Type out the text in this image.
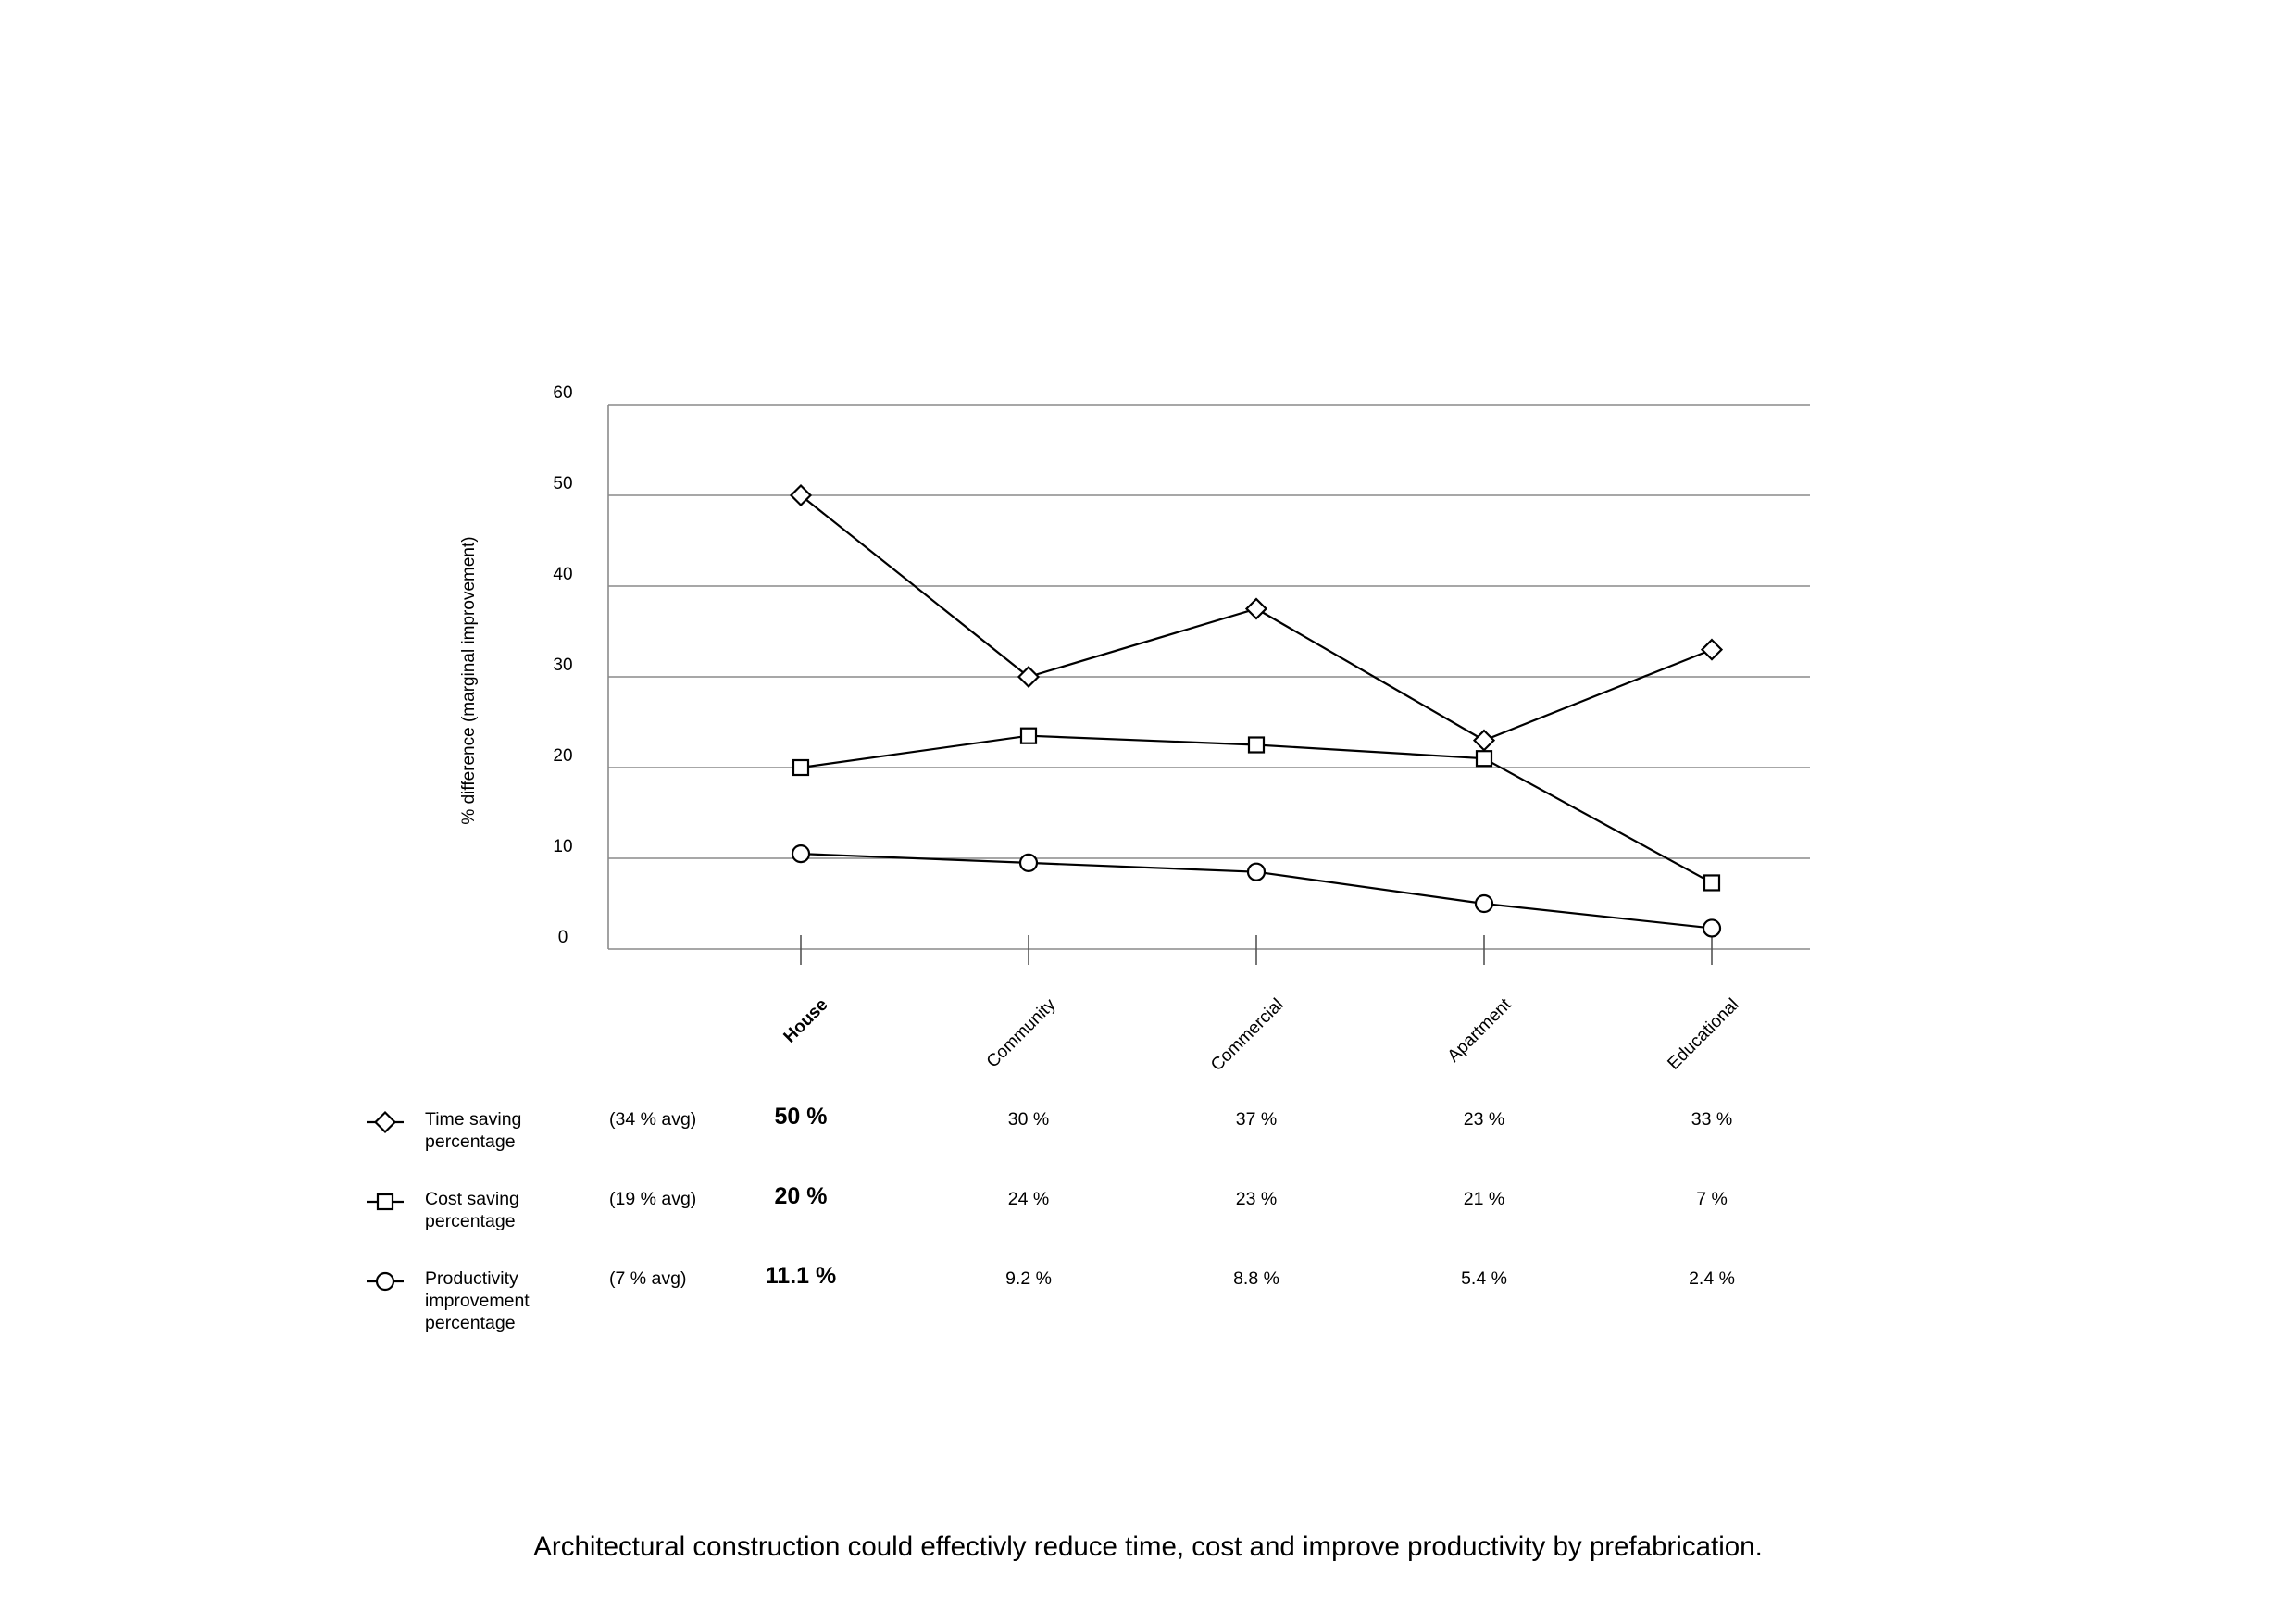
0
10
20
30
40
50
60
% difference (marginal improvement)
House	Community	Commercial	Apartment	Educational
Time saving percentage
(34 % avg)	50 %	30 %	37 %	23 %	33 %
Cost saving percentage
(19 % avg)	20 %	24 %	23 %	21 %	7 %
Productivity improvement percentage
(7 % avg)	11.1 %	9.2 %	8.8 %	5.4 %	2.4 %
Architectural construction could effectivly reduce time, cost and improve productivity by prefabrication.
